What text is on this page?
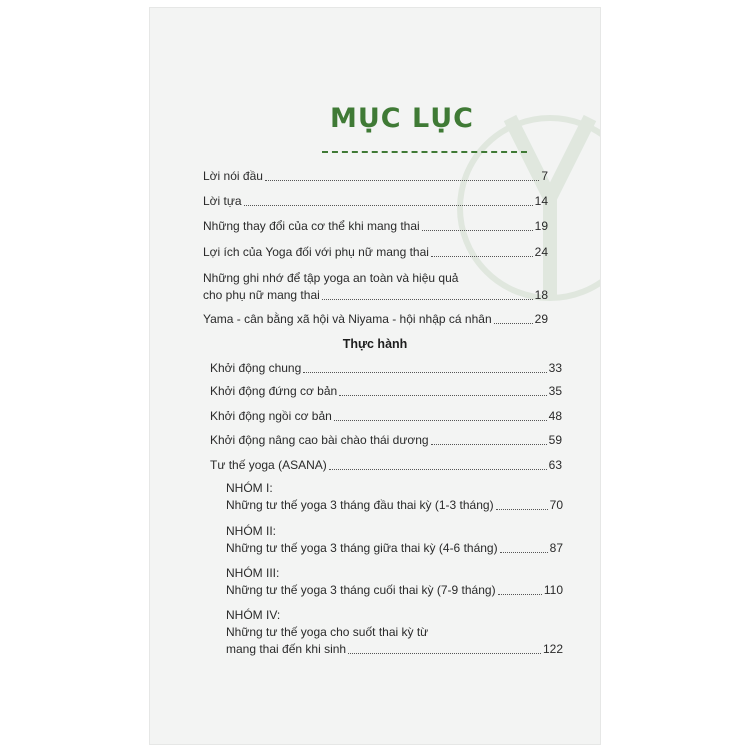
MỤC LỤC
Lời nói đầu	7
Lời tựa	14
Những thay đổi của cơ thể khi mang thai	19
Lợi ích của Yoga đối với phụ nữ mang thai	24
Những ghi nhớ để tập yoga an toàn và hiệu quả
cho phụ nữ mang thai	18
Yama - cân bằng xã hội và Niyama - hội nhập cá nhân	29
Thực hành
Khởi động chung	33
Khởi động đứng cơ bản	35
Khởi động ngồi cơ bản	48
Khởi động nâng cao bài chào thái dương	59
Tư thế yoga (ASANA)	63
NHÓM I:
Những tư thế yoga 3 tháng đầu thai kỳ (1-3 tháng)	70
NHÓM II:
Những tư thế yoga 3 tháng giữa thai kỳ (4-6 tháng)	87
NHÓM III:
Những tư thế yoga 3 tháng cuối thai kỳ (7-9 tháng)	110
NHÓM IV:
Những tư thế yoga cho suốt thai kỳ từ
mang thai đến khi sinh	122
